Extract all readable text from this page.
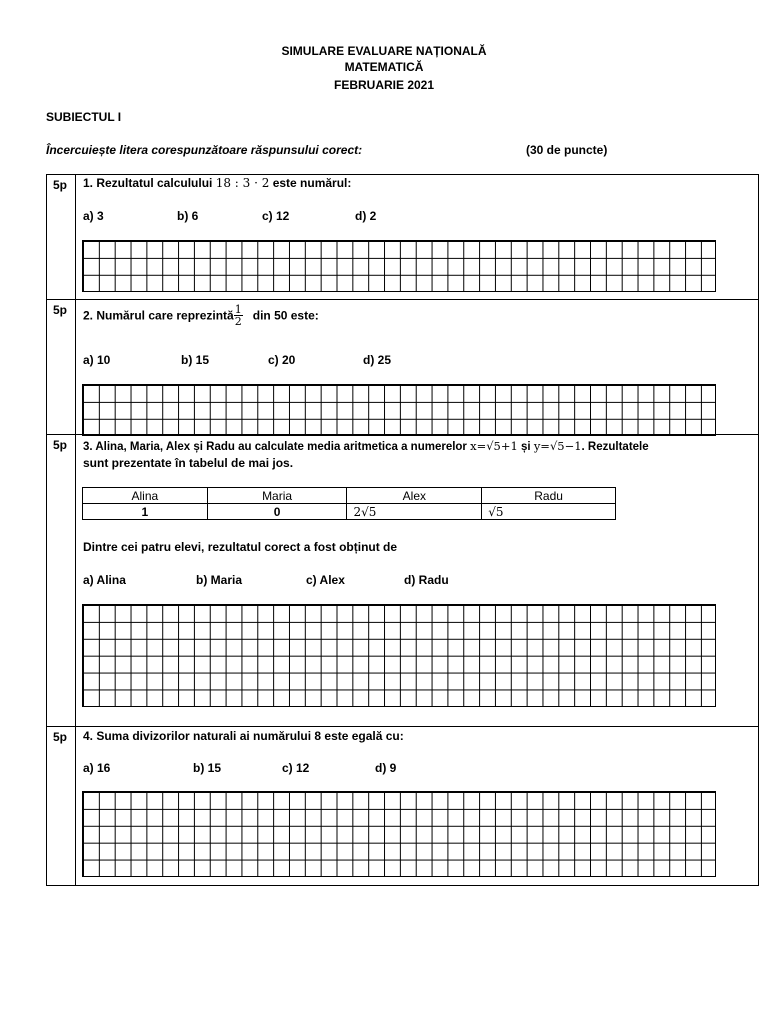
SIMULARE EVALUARE NAȚIONALĂ
MATEMATICĂ
FEBRUARIE 2021
SUBIECTUL I
Încercuiește litera corespunzătoare răspunsului corect:	(30 de puncte)
5p 1. Rezultatul calculului 18 : 3 · 2 este numărul:
a) 3	b) 6	c) 12	d) 2
5p 2. Numărul care reprezintă $\frac{1}{2}$ din 50 este:
a) 10	b) 15	c) 20	d) 25
5p 3. Alina, Maria, Alex și Radu au calculate media aritmetica a numerelor x=√5+1 și y=√5−1. Rezultatele
sunt prezentate în tabelul de mai jos.
Alina	Maria	Alex	Radu
1	0	2√5	√5
Dintre cei patru elevi, rezultatul corect a fost obținut de
a) Alina	b) Maria	c) Alex	d) Radu
5p 4. Suma divizorilor naturali ai numărului 8 este egală cu:
a) 16	b) 15	c) 12	d) 9
